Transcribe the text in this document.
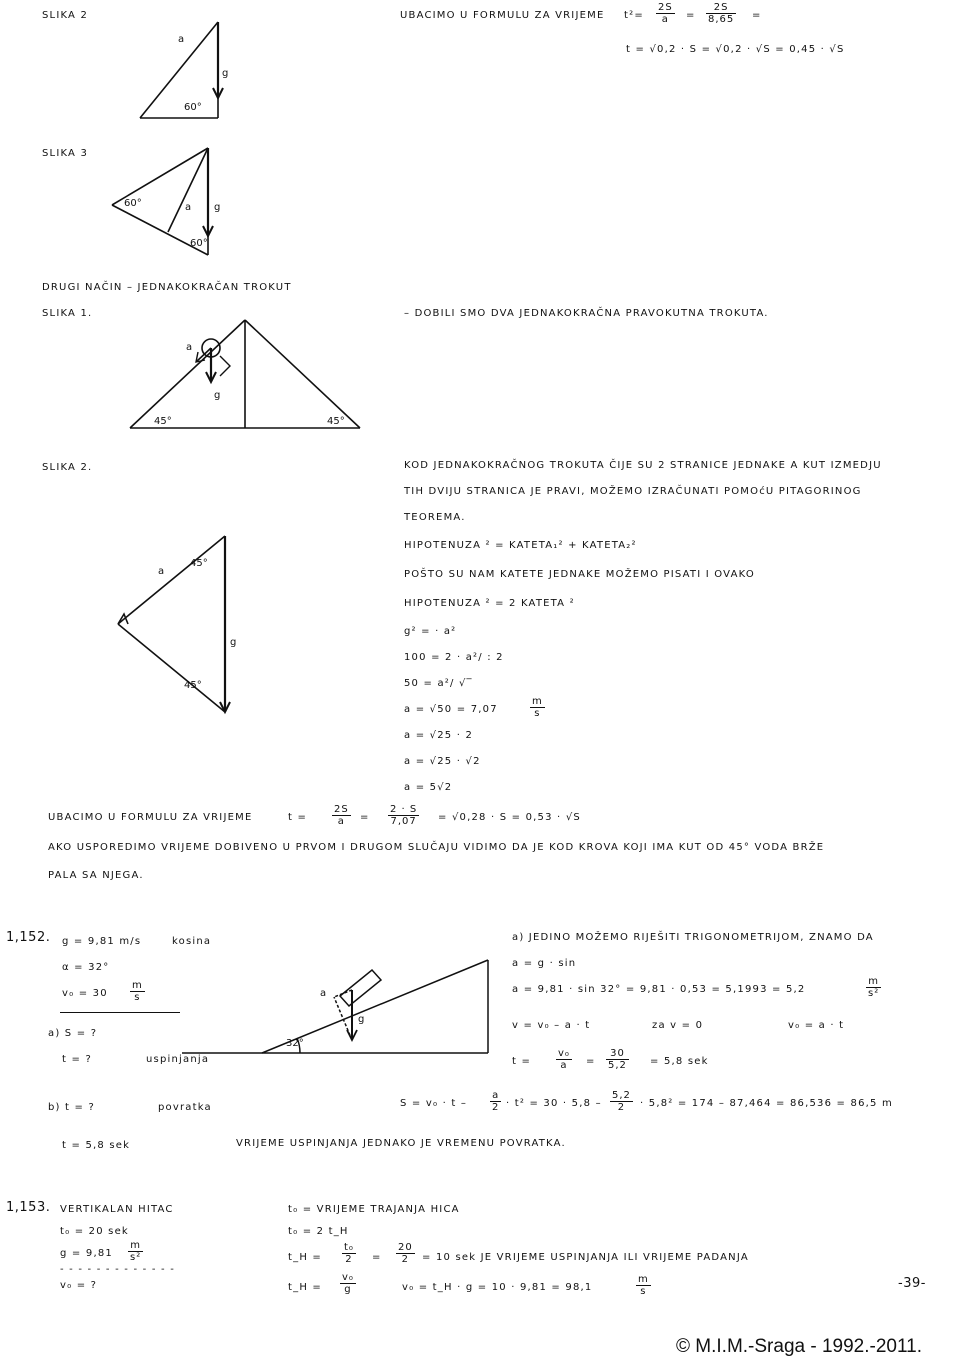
a
g
60°
60°	a g
60°
a
g
45°	45°
a
45°
g
45°
a
g
32°
SLIKA 2	UBACIMO U FORMULU ZA VRIJEME $t^2= \frac{2S}{a} = \frac{2S}{8,65}$ =
t = √0,2 · S = √0,2 · √S = 0,45 · √S
SLIKA 3
DRUGI NAČIN – JEDNAKOKRAČAN TROKUT
SLIKA 1.	– DOBILI SMO DVA JEDNAKOKRAČNA PRAVOKUTNA TROKUTA.
SLIKA 2.	KOD JEDNAKOKRAČNOG TROKUTA ČIJE SU 2 STRANICE JEDNAKE A KUT IZMEDJU
TIH DVIJU STRANICA JE PRAVI, MOŽEMO IZRAČUNATI POMOćU PITAGORINOG
TEOREMA.
HIPOTENUZA ² = KATETA₁² + KATETA₂²
POŠTO SU NAM KATETE JEDNAKE MOŽEMO PISATI I OVAKO
HIPOTENUZA ² = 2 KATETA ²
g² = · a²
100 = 2 · a²/ : 2
50 = a²/ √‾
a = √50 = 7,07	$\frac{m}{s}$
a = √25 · 2
a = √25 · √2
a = 5√2
UBACIMO U FORMULU ZA VRIJEME	$t = \frac{2S}{a} = \frac{2 \cdot S}{7,07} = √0,28 \cdot S = 0,53 \cdot √S$
AKO USPOREDIMO VRIJEME DOBIVENO U PRVOM I DRUGOM SLUČAJU VIDIMO DA JE KOD KROVA KOJI IMA KUT OD 45° VODA BRŽE
PALA SA NJEGA.
1,152. g = 9,81 m/s	kosina
α = 32°
$v_0 = 30 \frac{m}{s}$
a) S = ?
t = ?	uspinjanja
b) t = ?	povratka
t = 5,8 sek	VRIJEME USPINJANJA JEDNAKO JE VREMENU POVRATKA.
a) JEDINO MOŽEMO RIJEŠITI TRIGONOMETRIJOM, ZNAMO DA
a = g · sin
a = 9,81 · sin 32° = 9,81 · 0,53 = 5,1993 = 5,2	$\frac{m}{\text{s²}}$
v = v₀ – a · t	za v = 0	v₀ = a · t
$t = \frac{\text{v₀}}{a} = \frac{30}{5,2} = 5,8$ sek
$S = v_0 \cdot t - \frac{a}{2} \cdot t^2 = 30 \cdot 5,8 - \frac{5,2}{2} \cdot 5,8^2 = 174 - 87,464 = 86,536 = 86,5$ m
1,153. VERTIKALAN HITAC
t₀ = 20 sek
$g = 9,81 \frac{m}{\text{s²}}$
- - - - - - - - - - - - -
v₀ = ?
t₀ = VRIJEME TRAJANJA HICA
t₀ = 2 t_H
t_H = $\frac{\text{t₀}}{2} = \frac{20}{2} = 10$ sek JE VRIJEME USPINJANJA ILI VRIJEME PADANJA
t_H = $\frac{\text{v₀}}{g}$	v₀ = t_H · g = 10 · 9,81 = 98,1	$\frac{m}{s}$	-39-
© M.I.M.-Sraga - 1992.-2011.
